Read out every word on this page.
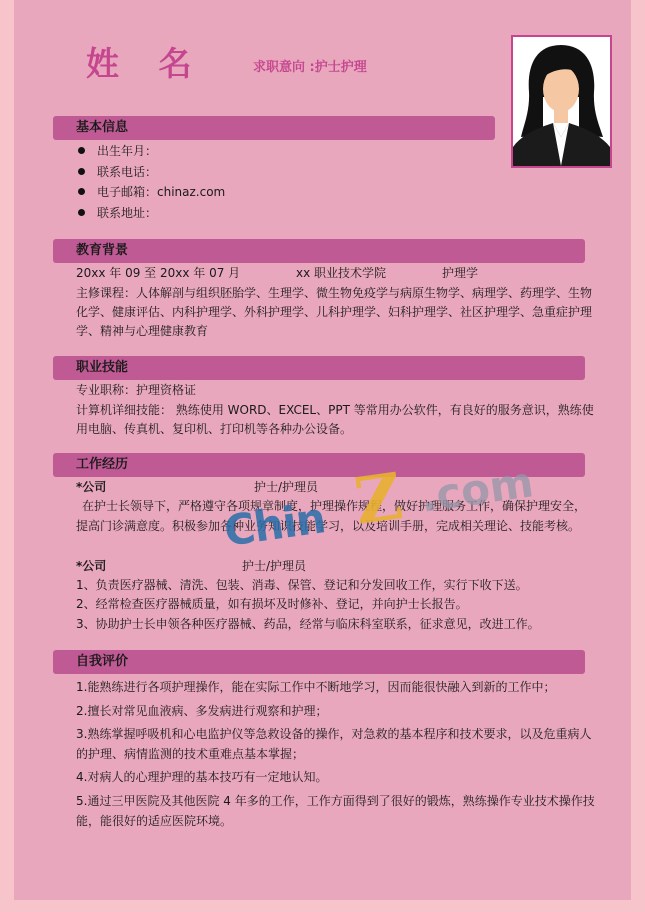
姓 名	求职意向 :护士护理
基本信息
出生年月：
联系电话：
电子邮箱：chinaz.com
联系地址：
教育背景
20xx 年 09 至 20xx 年 07 月	xx 职业技术学院	护理学
主修课程：人体解剖与组织胚胎学、生理学、微生物免疫学与病原生物学、病理学、药理学、生物
化学、健康评估、内科护理学、外科护理学、儿科护理学、妇科护理学、社区护理学、急重症护理
学、精神与心理健康教育
职业技能
专业职称：护理资格证
计算机详细技能： 熟练使用 WORD、EXCEL、PPT 等常用办公软件，有良好的服务意识，熟练使
用电脑、传真机、复印机、打印机等各种办公设备。
工作经历
*公司	护士/护理员
在护士长领导下，严格遵守各项规章制度，护理操作规程，做好护理服务工作，确保护理安全，
提高门诊满意度。积极参加各种业务知识技能学习，以及培训手册，完成相关理论、技能考核。
*公司	护士/护理员
1、负责医疗器械、清洗、包装、消毒、保管、登记和分发回收工作，实行下收下送。
2、经常检查医疗器械质量，如有损坏及时修补、登记，并向护士长报告。
3、协助护士长申领各种医疗器械、药品，经常与临床科室联系，征求意见，改进工作。
自我评价
1.能熟练进行各项护理操作，能在实际工作中不断地学习，因而能很快融入到新的工作中；
2.擅长对常见血液病、多发病进行观察和护理；
3.熟练掌握呼吸机和心电监护仪等急救设备的操作，对急救的基本程序和技术要求，以及危重病人
的护理、病情监测的技术重难点基本掌握；
4.对病人的心理护理的基本技巧有一定地认知。
5.通过三甲医院及其他医院 4 年多的工作，工作方面得到了很好的锻炼，熟练操作专业技术操作技
能，能很好的适应医院环境。
Chin Z .com
